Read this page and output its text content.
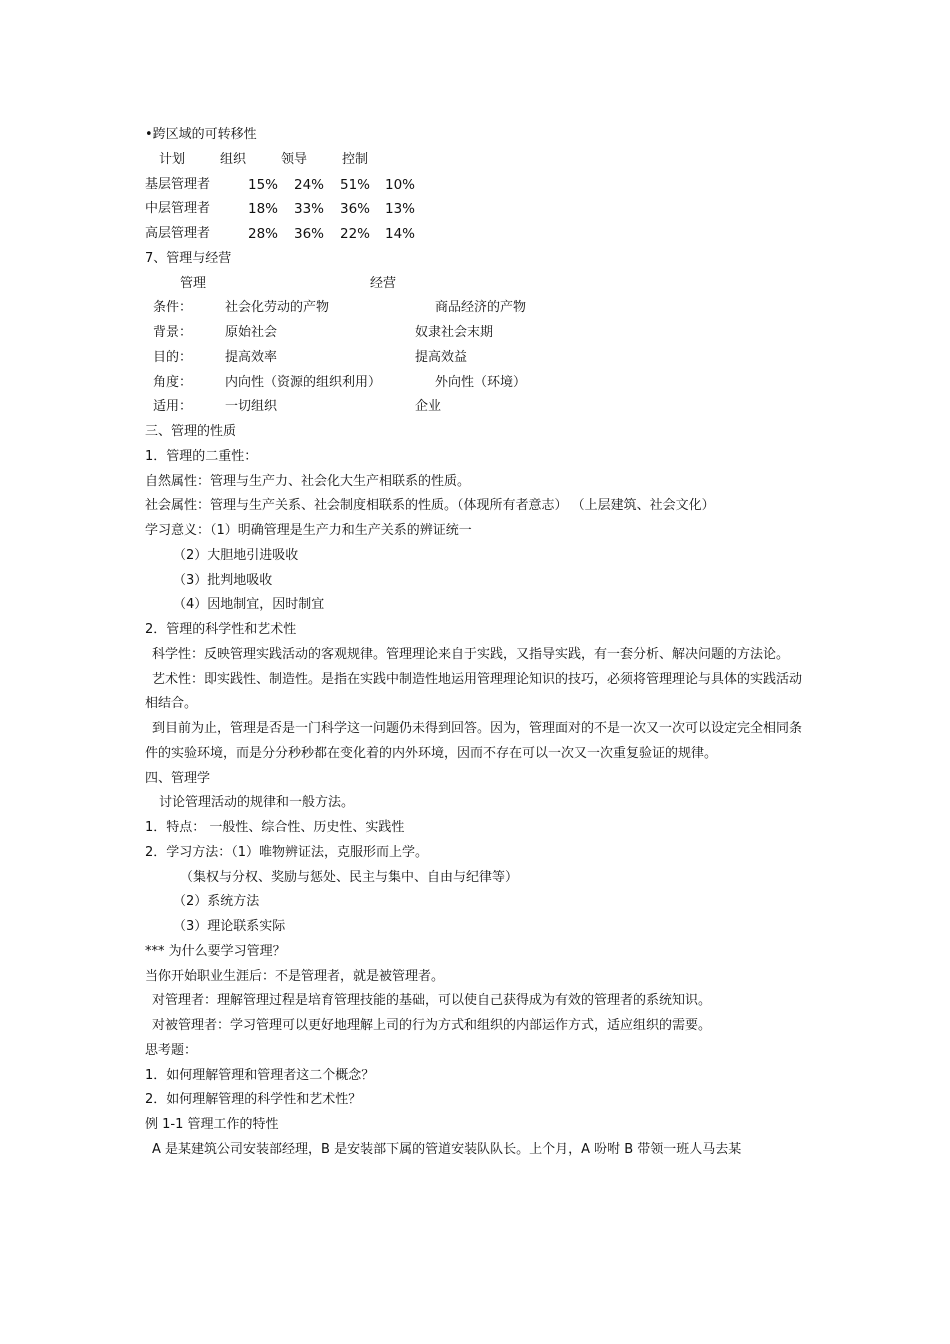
•跨区域的可转移性
计划	组织	领导	控制
基层管理者	15% 24% 51% 10%
中层管理者	18% 33% 36% 13%
高层管理者	28% 36% 22% 14%
7、管理与经营
管理	经营
条件：	社会化劳动的产物	商品经济的产物
背景：	原始社会	奴隶社会末期
目的：	提高效率	提高效益
角度：	内向性（资源的组织利用）	外向性（环境）
适用：	一切组织	企业
三、管理的性质
1．管理的二重性：
自然属性：管理与生产力、社会化大生产相联系的性质。
社会属性：管理与生产关系、社会制度相联系的性质。（体现所有者意志） （上层建筑、社会文化）
学习意义：（1）明确管理是生产力和生产关系的辨证统一
（2）大胆地引进吸收
（3）批判地吸收
（4）因地制宜，因时制宜
2．管理的科学性和艺术性
科学性：反映管理实践活动的客观规律。管理理论来自于实践，又指导实践，有一套分析、解决问题的方法论。
艺术性：即实践性、制造性。是指在实践中制造性地运用管理理论知识的技巧，必须将管理理论与具体的实践活动相结合。
到目前为止，管理是否是一门科学这一问题仍未得到回答。因为，管理面对的不是一次又一次可以设定完全相同条件的实验环境，而是分分秒秒都在变化着的内外环境，因而不存在可以一次又一次重复验证的规律。
四、管理学
讨论管理活动的规律和一般方法。
1．特点： 一般性、综合性、历史性、实践性
2．学习方法：（1）唯物辨证法，克服形而上学。
（集权与分权、奖励与惩处、民主与集中、自由与纪律等）
（2）系统方法
（3）理论联系实际
*** 为什么要学习管理？
当你开始职业生涯后：不是管理者，就是被管理者。
对管理者：理解管理过程是培育管理技能的基础，可以使自己获得成为有效的管理者的系统知识。
对被管理者：学习管理可以更好地理解上司的行为方式和组织的内部运作方式，适应组织的需要。
思考题：
1．如何理解管理和管理者这二个概念？
2．如何理解管理的科学性和艺术性？
例 1-1 管理工作的特性
A 是某建筑公司安装部经理，B 是安装部下属的管道安装队队长。上个月，A 吩咐 B 带领一班人马去某
